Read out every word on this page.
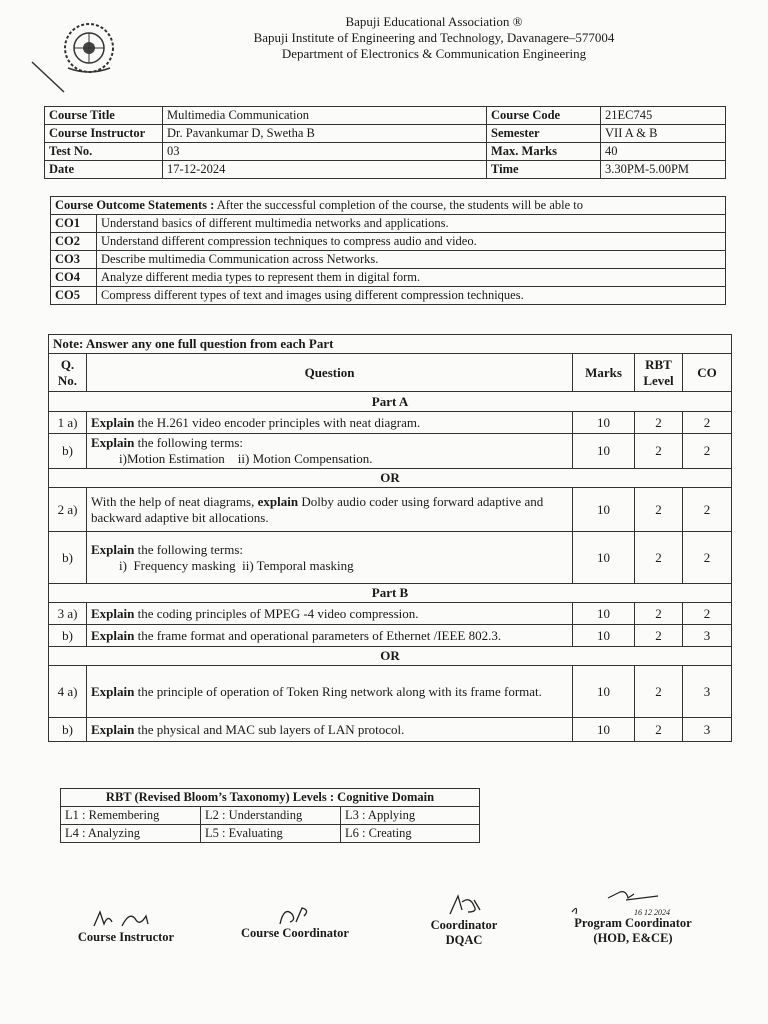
Bapuji Educational Association ®
Bapuji Institute of Engineering and Technology, Davanagere–577004
Department of Electronics & Communication Engineering
Course Title	Multimedia Communication	Course Code	21EC745
Course Instructor	Dr. Pavankumar D, Swetha B	Semester	VII A & B
Test No.	03	Max. Marks	40
Date	17-12-2024	Time	3.30PM-5.00PM
Course Outcome Statements : After the successful completion of the course, the students will be able to	
CO1	Understand basics of different multimedia networks and applications.
CO2	Understand different compression techniques to compress audio and video.
CO3	Describe multimedia Communication across Networks.
CO4	Analyze different media types to represent them in digital form.
CO5	Compress different types of text and images using different compression techniques.
Note: Answer any one full question from each Part				
Q. No.	Question	Marks	RBT Level	CO
Part A				
1 a)	Explain the H.261 video encoder principles with neat diagram.	10	2	2
b)	Explain the following terms:
i)Motion Estimation    ii) Motion Compensation.	10	2	2
OR				
2 a)	With the help of neat diagrams, explain Dolby audio coder using forward adaptive and backward adaptive bit allocations.	10	2	2
b)	Explain the following terms:
i)  Frequency masking  ii) Temporal masking	10	2	2
Part B				
3 a)	Explain the coding principles of MPEG -4 video compression.	10	2	2
b)	Explain the frame format and operational parameters of Ethernet /IEEE 802.3.	10	2	3
OR				
4 a)	Explain the principle of operation of Token Ring network along with its frame format.	10	2	3
b)	Explain the physical and MAC sub layers of LAN protocol.	10	2	3
RBT (Revised Bloom’s Taxonomy) Levels : Cognitive Domain		
L1 : Remembering	L2 : Understanding	L3 : Applying
L4 : Analyzing	L5 : Evaluating	L6 : Creating
Course Instructor	Course Coordinator
Coordinator
DQAC
16 12 2024
Program Coordinator
(HOD, E&CE)
